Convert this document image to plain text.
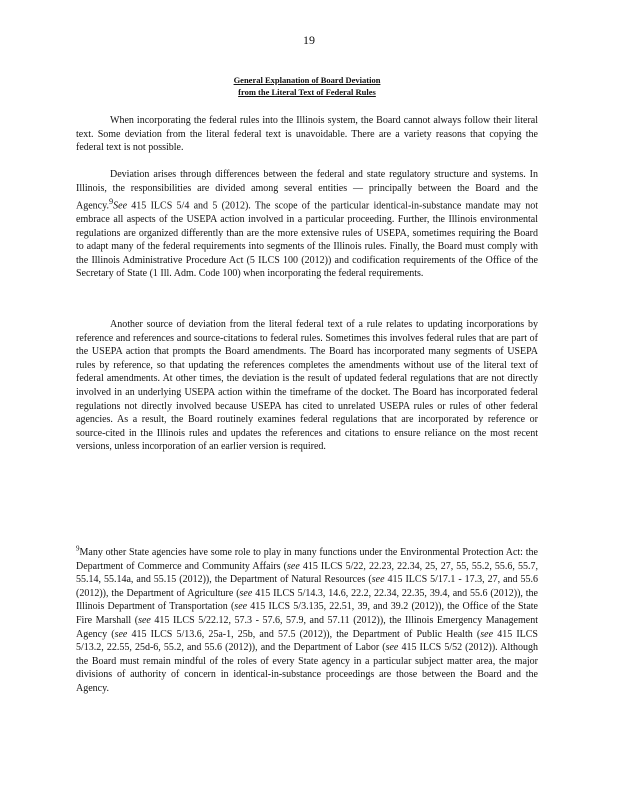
19
General Explanation of Board Deviation
from the Literal Text of Federal Rules

When incorporating the federal rules into the Illinois system, the Board cannot always follow their literal text. Some deviation from the literal federal text is unavoidable. There are a variety reasons that copying the federal text is not possible.

Deviation arises through differences between the federal and state regulatory structure and systems. In Illinois, the responsibilities are divided among several entities — principally between the Board and the Agency.$^9$See 415 ILCS 5/4 and 5 (2012). The scope of the particular identical-in-substance mandate may not embrace all aspects of the USEPA action involved in a particular proceeding. Further, the Illinois environmental regulations are organized differently than are the more extensive rules of USEPA, sometimes requiring the Board to adapt many of the federal requirements into segments of the Illinois rules. Finally, the Board must comply with the Illinois Administrative Procedure Act (5 ILCS 100 (2012)) and codification requirements of the Office of the Secretary of State (1 Ill. Adm. Code 100) when incorporating the federal requirements.

Another source of deviation from the literal federal text of a rule relates to updating incorporations by reference and references and source-citations to federal rules. Sometimes this involves federal rules that are part of the USEPA action that prompts the Board amendments. The Board has incorporated many segments of USEPA rules by reference, so that updating the references completes the amendments without use of the literal text of federal amendments. At other times, the deviation is the result of updated federal regulations that are not directly involved in an underlying USEPA action within the timeframe of the docket. The Board has incorporated federal regulations not directly involved because USEPA has cited to unrelated USEPA rules or rules of other federal agencies. As a result, the Board routinely examines federal regulations that are incorporated by reference or source-cited in the Illinois rules and updates the references and citations to ensure reliance on the most recent versions, unless incorporation of an earlier version is required.

$^9$Many other State agencies have some role to play in many functions under the Environmental Protection Act: the Department of Commerce and Community Affairs (see 415 ILCS 5/22, 22.23, 22.34, 25, 27, 55, 55.2, 55.6, 55.7, 55.14, 55.14a, and 55.15 (2012)), the Department of Natural Resources (see 415 ILCS 5/17.1 - 17.3, 27, and 55.6 (2012)), the Department of Agriculture (see 415 ILCS 5/14.3, 14.6, 22.2, 22.34, 22.35, 39.4, and 55.6 (2012)), the Illinois Department of Transportation (see 415 ILCS 5/3.135, 22.51, 39, and 39.2 (2012)), the Office of the State Fire Marshall (see 415 ILCS 5/22.12, 57.3 - 57.6, 57.9, and 57.11 (2012)), the Illinois Emergency Management Agency (see 415 ILCS 5/13.6, 25a-1, 25b, and 57.5 (2012)), the Department of Public Health (see 415 ILCS 5/13.2, 22.55, 25d-6, 55.2, and 55.6 (2012)), and the Department of Labor (see 415 ILCS 5/52 (2012)). Although the Board must remain mindful of the roles of every State agency in a particular subject matter area, the major divisions of authority of concern in identical-in-substance proceedings are those between the Board and the Agency.
